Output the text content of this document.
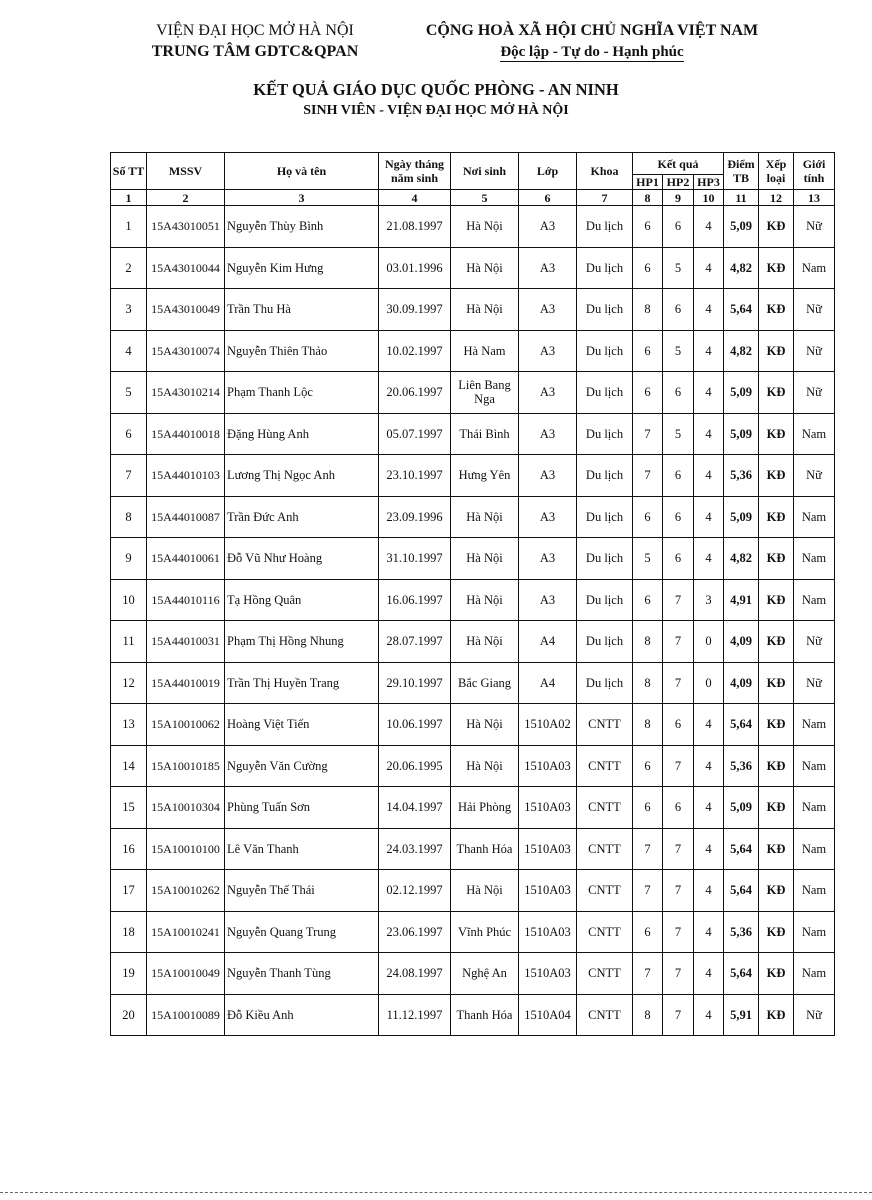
VIỆN ĐẠI HỌC MỞ HÀ NỘI
TRUNG TÂM GDTC&QPAN
CỘNG HOÀ XÃ HỘI CHỦ NGHĨA VIỆT NAM
Độc lập - Tự do - Hạnh phúc
KẾT QUẢ GIÁO DỤC QUỐC PHÒNG - AN NINH
SINH VIÊN - VIỆN ĐẠI HỌC MỞ HÀ NỘI
Số TT	MSSV	Họ và tên	Ngày tháng năm sinh	Nơi sinh	Lớp	Khoa	Kết quả			Điểm TB	Xếp loại	Giới tính
							HP1	HP2	HP3			
1	2	3	4	5	6	7	8	9	10	11	12	13
1	15A43010051	Nguyễn Thùy Bình	21.08.1997	Hà Nội	A3	Du lịch	6	6	4	5,09	KĐ	Nữ
2	15A43010044	Nguyễn Kim Hưng	03.01.1996	Hà Nội	A3	Du lịch	6	5	4	4,82	KĐ	Nam
3	15A43010049	Trần Thu Hà	30.09.1997	Hà Nội	A3	Du lịch	8	6	4	5,64	KĐ	Nữ
4	15A43010074	Nguyễn Thiên Thảo	10.02.1997	Hà Nam	A3	Du lịch	6	5	4	4,82	KĐ	Nữ
5	15A43010214	Phạm Thanh Lộc	20.06.1997	Liên Bang Nga	A3	Du lịch	6	6	4	5,09	KĐ	Nữ
6	15A44010018	Đặng Hùng Anh	05.07.1997	Thái Bình	A3	Du lịch	7	5	4	5,09	KĐ	Nam
7	15A44010103	Lương Thị Ngọc Anh	23.10.1997	Hưng Yên	A3	Du lịch	7	6	4	5,36	KĐ	Nữ
8	15A44010087	Trần Đức Anh	23.09.1996	Hà Nội	A3	Du lịch	6	6	4	5,09	KĐ	Nam
9	15A44010061	Đỗ Vũ Như Hoàng	31.10.1997	Hà Nội	A3	Du lịch	5	6	4	4,82	KĐ	Nam
10	15A44010116	Tạ Hồng Quân	16.06.1997	Hà Nội	A3	Du lịch	6	7	3	4,91	KĐ	Nam
11	15A44010031	Phạm Thị Hồng Nhung	28.07.1997	Hà Nội	A4	Du lịch	8	7	0	4,09	KĐ	Nữ
12	15A44010019	Trần Thị Huyền Trang	29.10.1997	Bắc Giang	A4	Du lịch	8	7	0	4,09	KĐ	Nữ
13	15A10010062	Hoàng Việt Tiến	10.06.1997	Hà Nội	1510A02	CNTT	8	6	4	5,64	KĐ	Nam
14	15A10010185	Nguyễn Văn Cường	20.06.1995	Hà Nội	1510A03	CNTT	6	7	4	5,36	KĐ	Nam
15	15A10010304	Phùng Tuấn Sơn	14.04.1997	Hải Phòng	1510A03	CNTT	6	6	4	5,09	KĐ	Nam
16	15A10010100	Lê Văn Thanh	24.03.1997	Thanh Hóa	1510A03	CNTT	7	7	4	5,64	KĐ	Nam
17	15A10010262	Nguyễn Thế Thái	02.12.1997	Hà Nội	1510A03	CNTT	7	7	4	5,64	KĐ	Nam
18	15A10010241	Nguyễn Quang Trung	23.06.1997	Vĩnh Phúc	1510A03	CNTT	6	7	4	5,36	KĐ	Nam
19	15A10010049	Nguyễn Thanh Tùng	24.08.1997	Nghệ An	1510A03	CNTT	7	7	4	5,64	KĐ	Nam
20	15A10010089	Đỗ Kiều Anh	11.12.1997	Thanh Hóa	1510A04	CNTT	8	7	4	5,91	KĐ	Nữ
